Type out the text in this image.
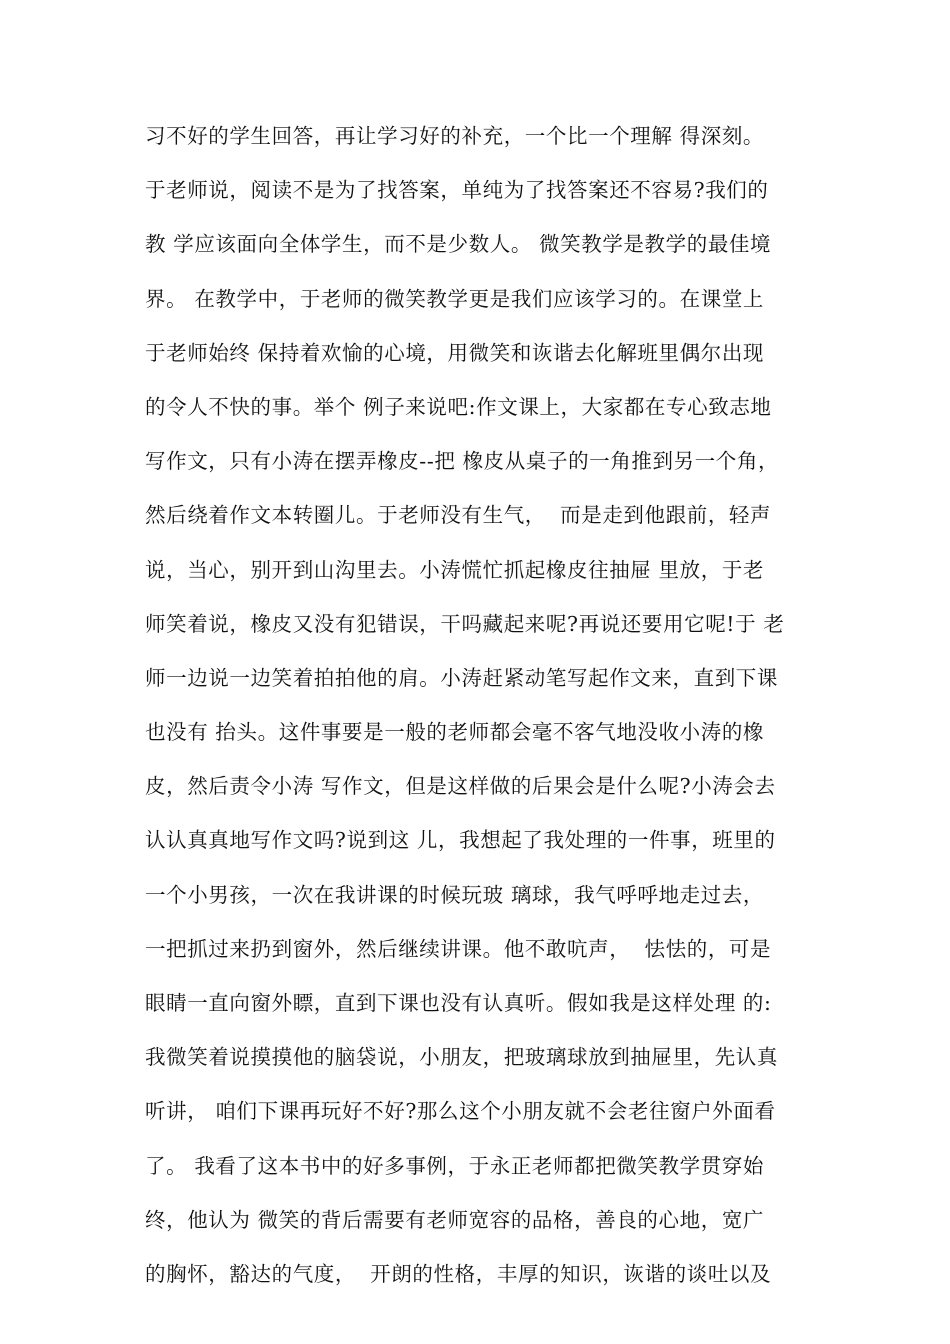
习不好的学生回答，再让学习好的补充，一个比一个理解 得深刻。
于老师说，阅读不是为了找答案，单纯为了找答案还不容易?我们的
教 学应该面向全体学生，而不是少数人。 微笑教学是教学的最佳境
界。 在教学中，于老师的微笑教学更是我们应该学习的。在课堂上
于老师始终 保持着欢愉的心境，用微笑和诙谐去化解班里偶尔出现
的令人不快的事。举个 例子来说吧:作文课上，大家都在专心致志地
写作文，只有小涛在摆弄橡皮--把 橡皮从桌子的一角推到另一个角，
然后绕着作文本转圈儿。于老师没有生气，  而是走到他跟前，轻声
说，当心，别开到山沟里去。小涛慌忙抓起橡皮往抽屉 里放，于老
师笑着说，橡皮又没有犯错误，干吗藏起来呢?再说还要用它呢!于 老
师一边说一边笑着拍拍他的肩。小涛赶紧动笔写起作文来，直到下课
也没有 抬头。这件事要是一般的老师都会毫不客气地没收小涛的橡
皮，然后责令小涛 写作文，但是这样做的后果会是什么呢?小涛会去
认认真真地写作文吗?说到这 儿，我想起了我处理的一件事，班里的
一个小男孩，一次在我讲课的时候玩玻 璃球，我气呼呼地走过去，
一把抓过来扔到窗外，然后继续讲课。他不敢吭声，  怯怯的，可是
眼睛一直向窗外瞟，直到下课也没有认真听。假如我是这样处理 的:
我微笑着说摸摸他的脑袋说，小朋友，把玻璃球放到抽屉里，先认真
听讲， 咱们下课再玩好不好?那么这个小朋友就不会老往窗户外面看
了。 我看了这本书中的好多事例，于永正老师都把微笑教学贯穿始
终，他认为 微笑的背后需要有老师宽容的品格，善良的心地，宽广
的胸怀，豁达的气度，  开朗的性格，丰厚的知识，诙谐的谈吐以及
